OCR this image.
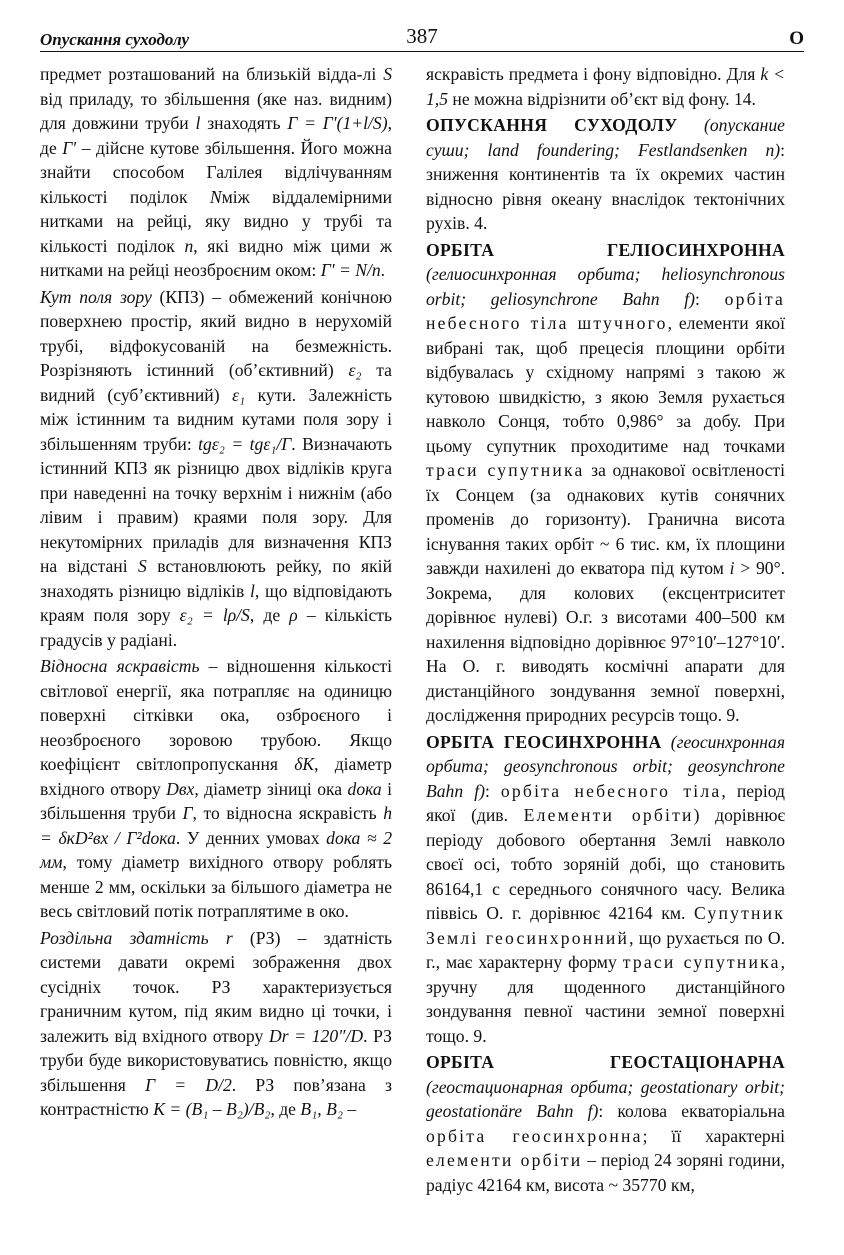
Опускання суходолу	387	О

предмет розташований на близькій відда-лі S від приладу, то збільшення (яке наз. видним) для довжини труби l знаходять Г = Г′(1+l/S), де Г′ – дійсне кутове збільшення. Його можна знайти способом Галілея відлічуванням кількості поділок Nміж віддалемірними нитками на рейці, яку видно у трубі та кількості поділок n, які видно між цими ж нитками на рейці неозброєним оком: Г′ = N/n.

Кут поля зору (КПЗ) – обмежений конічною поверхнею простір, який видно в нерухомій трубі, відфокусованій на безмежність. Розрізняють істинний (об’єктивний) ε₂ та видний (суб’єктивний) ε₁ кути. Залежність між істинним та видним кутами поля зору і збільшенням труби: tgε₂ = tgε₁/Г. Визначають істинний КПЗ як різницю двох відліків круга при наведенні на точку верхнім і нижнім (або лівим і правим) краями поля зору. Для некутомірних приладів для визначення КПЗ на відстані S встановлюють рейку, по якій знаходять різницю відліків l, що відповідають краям поля зору ε₂ = lρ/S, де ρ – кількість градусів у радіані.

Відносна яскравість – відношення кількості світлової енергії, яка потрапляє на одиницю поверхні сітківки ока, озброєного і неозброєного зоровою трубою. Якщо коефіцієнт світлопропускання δK, діаметр вхідного отвору Dвх, діаметр зіниці ока dока і збільшення труби Г, то відносна яскравість h = δкD²вх / Г²dока. У денних умовах dока ≈ 2 мм, тому діаметр вихідного отвору роблять менше 2 мм, оскільки за більшого діаметра не весь світловий потік потраплятиме в око.

Роздільна здатність r (РЗ) – здатність системи давати окремі зображення двох сусідніх точок. РЗ характеризується граничним кутом, під яким видно ці точки, і залежить від вхідного отвору Dr = 120″/D. РЗ труби буде використовуватись повністю, якщо збільшення Г = D/2. РЗ пов’язана з контрастністю K = (B₁ – B₂)/B₂, де B₁, B₂ –

яскравість предмета і фону відповідно. Для k < 1,5 не можна відрізнити об’єкт від фону. 14.

ОПУСКАННЯ СУХОДОЛУ (опускание суши; land foundering; Festlandsenken n): зниження континентів та їх окремих частин відносно рівня океану внаслідок тектонічних рухів. 4.

ОРБІТА ГЕЛІОСИНХРОННА (гелиосинхронная орбита; heliosynchronous orbit; geliosynchrone Bahn f): орбіта небесного тіла штучного, елементи якої вибрані так, щоб прецесія площини орбіти відбувалась у східному напрямі з такою ж кутовою швидкістю, з якою Земля рухається навколо Сонця, тобто 0,986° за добу. При цьому супутник проходитиме над точками траси супутника за однакової освітленості їх Сонцем (за однакових кутів сонячних променів до горизонту). Гранична висота існування таких орбіт ~ 6 тис. км, їх площини завжди нахилені до екватора під кутом i > 90°. Зокрема, для колових (ексцентриситет дорівнює нулеві) О.г. з висотами 400–500 км нахилення відповідно дорівнює 97°10′–127°10′. На О. г. виводять космічні апарати для дистанційного зондування земної поверхні, дослідження природних ресурсів тощо. 9.

ОРБІТА ГЕОСИНХРОННА (геосинхронная орбита; geosynchronous orbit; geosynchrone Bahn f): орбіта небесного тіла, період якої (див. Елементи орбіти) дорівнює періоду добового обертання Землі навколо своєї осі, тобто зоряній добі, що становить 86164,1 с середнього сонячного часу. Велика піввісь О. г. дорівнює 42164 км. Супутник Землі геосинхронний, що рухається по О. г., має характерну форму траси супутника, зручну для щоденного дистанційного зондування певної частини земної поверхні тощо. 9.

ОРБІТА ГЕОСТАЦІОНАРНА (геостационарная орбита; geostationary orbit; geostationäre Bahn f): колова екваторіальна орбіта геосинхронна; її характерні елементи орбіти – період 24 зоряні години, радіус 42164 км, висота ~ 35770 км,
